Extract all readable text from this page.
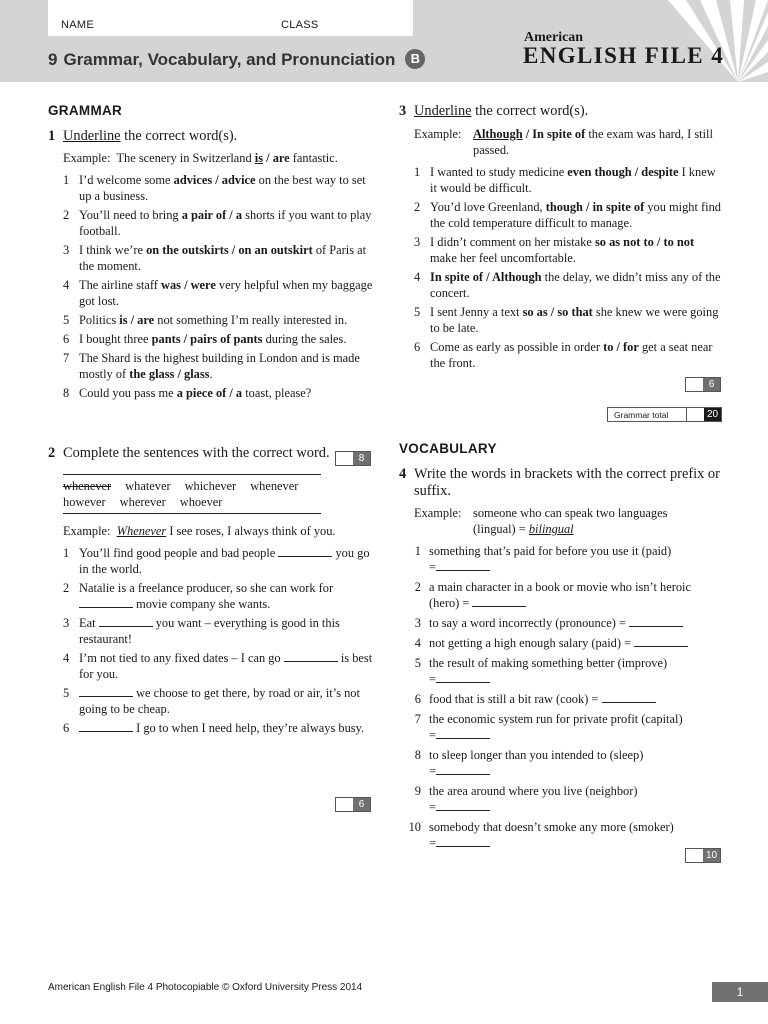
NAME	CLASS
9 Grammar, Vocabulary, and Pronunciation B
American
ENGLISH FILE 4
GRAMMAR
1 Underline the correct word(s).
Example: The scenery in Switzerland is / are fantastic.
1 I’d welcome some advices / advice on the best way to set up a business.
2 You’ll need to bring a pair of / a shorts if you want to play football.
3 I think we’re on the outskirts / on an outskirt of Paris at the moment.
4 The airline staff was / were very helpful when my baggage got lost.
5 Politics is / are not something I’m really interested in.
6 I bought three pants / pairs of pants during the sales.
7 The Shard is the highest building in London and is made mostly of the glass / glass.
8 Could you pass me a piece of / a toast, please?
2 Complete the sentences with the correct word.
whenever whatever whichever whenever
however wherever whoever
Example: Whenever I see roses, I always think of you.
1 You’ll find good people and bad people	you go in the world.
2 Natalie is a freelance producer, so she can work for  movie company she wants.
3 Eat	you want – everything is good in this restaurant!
4 I’m not tied to any fixed dates – I can go	is best for you.
5	we choose to get there, by road or air, it’s not going to be cheap.
6	I go to when I need help, they’re always busy.
8
6
3 Underline the correct word(s).
Example: Although / In spite of the exam was hard, I still passed.
1 I wanted to study medicine even though / despite I knew it would be difficult.
2 You’d love Greenland, though / in spite of you might find the cold temperature difficult to manage.
3 I didn’t comment on her mistake so as not to / to not make her feel uncomfortable.
4 In spite of / Although the delay, we didn’t miss any of the concert.
5 I sent Jenny a text so as / so that she knew we were going to be late.
6 Come as early as possible in order to / for get a seat near the front.
VOCABULARY
4 Write the words in brackets with the correct prefix or suffix.
Example: someone who can speak two languages
(lingual) = bilingual
1 something that’s paid for before you use it (paid)
=
2 a main character in a book or movie who isn’t heroic (hero) =
3 to say a word incorrectly (pronounce) =
4 not getting a high enough salary (paid) =
5 the result of making something better (improve)
=
6 food that is still a bit raw (cook) =
7 the economic system run for private profit (capital)
=
8 to sleep longer than you intended to (sleep)
=
9 the area around where you live (neighbor)
=
10 somebody that doesn’t smoke any more (smoker)
=
6
Grammar total	20
10
American English File 4 Photocopiable © Oxford University Press 2014	1
